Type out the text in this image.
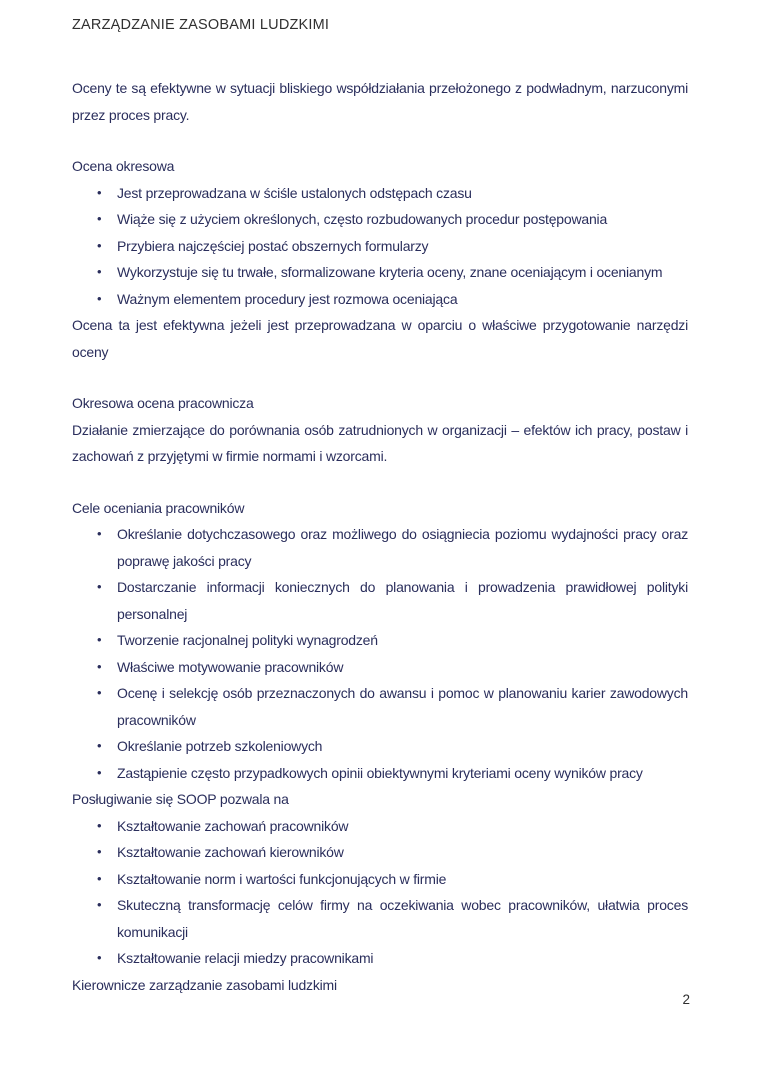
ZARZĄDZANIE ZASOBAMI LUDZKIMI
Oceny te są efektywne w sytuacji bliskiego współdziałania przełożonego z podwładnym, narzuconymi przez proces pracy.
Ocena okresowa
• Jest przeprowadzana w ściśle ustalonych odstępach czasu
• Wiąże się z użyciem określonych, często rozbudowanych procedur postępowania
• Przybiera najczęściej postać obszernych formularzy
• Wykorzystuje się tu trwałe, sformalizowane kryteria oceny, znane oceniającym i ocenianym
• Ważnym elementem procedury jest rozmowa oceniająca
Ocena ta jest efektywna jeżeli jest przeprowadzana w oparciu o właściwe przygotowanie narzędzi oceny
Okresowa ocena pracownicza
Działanie zmierzające do porównania osób zatrudnionych w organizacji – efektów ich pracy, postaw i zachowań z przyjętymi w firmie normami i wzorcami.
Cele oceniania pracowników
• Określanie dotychczasowego oraz możliwego do osiągniecia poziomu wydajności pracy oraz poprawę jakości pracy
• Dostarczanie informacji koniecznych do planowania i prowadzenia prawidłowej polityki personalnej
• Tworzenie racjonalnej polityki wynagrodzeń
• Właściwe motywowanie pracowników
• Ocenę i selekcję osób przeznaczonych do awansu i pomoc w planowaniu karier zawodowych pracowników
• Określanie potrzeb szkoleniowych
• Zastąpienie często przypadkowych opinii obiektywnymi kryteriami oceny wyników pracy
Posługiwanie się SOOP pozwala na
• Kształtowanie zachowań pracowników
• Kształtowanie zachowań kierowników
• Kształtowanie norm i wartości funkcjonujących w firmie
• Skuteczną transformację celów firmy na oczekiwania wobec pracowników, ułatwia proces komunikacji
• Kształtowanie relacji miedzy pracownikami
Kierownicze zarządzanie zasobami ludzkimi
2
